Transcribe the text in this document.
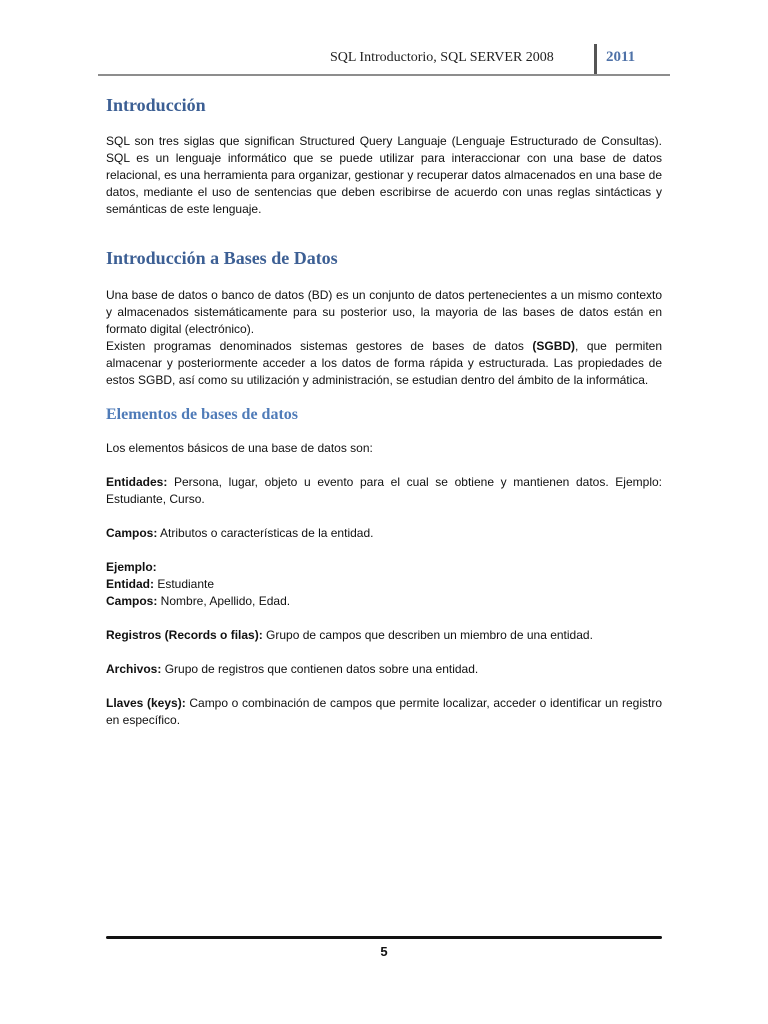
SQL Introductorio, SQL SERVER 2008	2011
Introducción

SQL son tres siglas que significan Structured Query Languaje (Lenguaje Estructurado de Consultas). SQL es un lenguaje informático que se puede utilizar para interaccionar con una base de datos relacional, es una herramienta para organizar, gestionar y recuperar datos almacenados en una base de datos, mediante el uso de sentencias que deben escribirse de acuerdo con unas reglas sintácticas y semánticas de este lenguaje.

Introducción a Bases de Datos

Una base de datos o banco de datos (BD) es un conjunto de datos pertenecientes a un mismo contexto y almacenados sistemáticamente para su posterior uso, la mayoria de las bases de datos están en formato digital (electrónico).

Existen programas denominados sistemas gestores de bases de datos (SGBD), que permiten almacenar y posteriormente acceder a los datos de forma rápida y estructurada. Las propiedades de estos SGBD, así como su utilización y administración, se estudian dentro del ámbito de la informática.

Elementos de bases de datos

Los elementos básicos de una base de datos son:

Entidades: Persona, lugar, objeto u evento para el cual se obtiene y mantienen datos. Ejemplo: Estudiante, Curso.

Campos: Atributos o características de la entidad.

Ejemplo:

Entidad: Estudiante

Campos: Nombre, Apellido, Edad.

Registros (Records o filas): Grupo de campos que describen un miembro de una entidad.

Archivos: Grupo de registros que contienen datos sobre una entidad.

Llaves (keys): Campo o combinación de campos que permite localizar, acceder o identificar un registro en específico.

5
